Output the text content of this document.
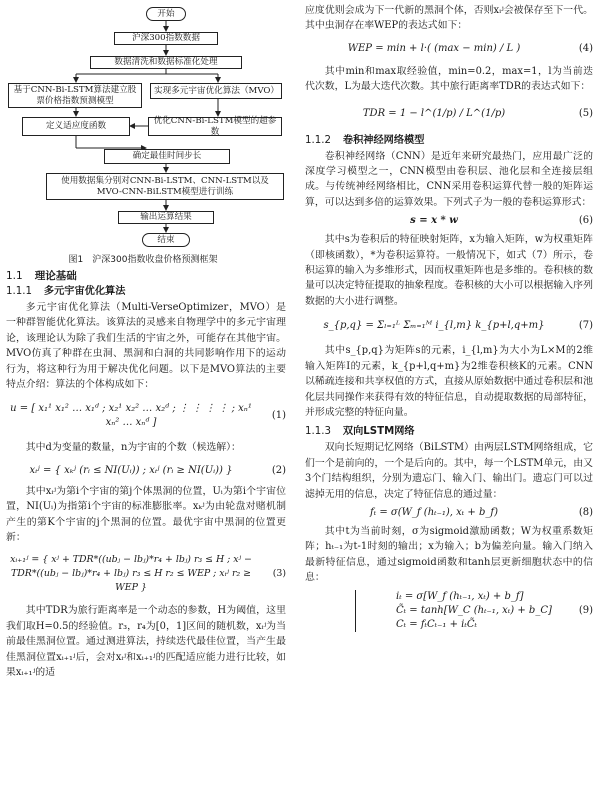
开始
沪深300指数数据
数据清洗和数据标准化处理
基于CNN-Bi-LSTM算法建立股票价格指数预测模型
实现多元宇宙优化算法（MVO）
定义适应度函数
优化CNN-Bi-LSTM模型的超参数
确定最佳时间步长
使用数据集分别对CNN-Bi-LSTM、CNN-LSTM以及MVO-CNN-BiLSTM模型进行训练
输出运算结果
结束
图1　沪深300指数收盘价格预测框架
1.1 理论基础
1.1.1 多元宇宙优化算法

多元宇宙优化算法（Multi-VerseOptimizer，MVO）是一种群智能优化算法。该算法的灵感来自物理学中的多元宇宙理论，该理论认为除了我们生活的宇宙之外，可能存在其他宇宙。MVO仿真了种群在虫洞、黑洞和白洞的共同影响作用下的运动行为，将这种行为用于解决优化问题。以下是MVO算法的主要特点介绍：算法的个体构成如下：

u = [ x₁¹ x₁² … x₁ᵈ ; x₂¹ x₂² … x₂ᵈ ; ⋮ ⋮ ⋮ ⋮ ; xₙ¹ xₙ² … xₙᵈ ]
(1)

其中d为变量的数量，n为宇宙的个数（候选解）：

xᵢʲ = { xₖʲ (rᵢ ≤ NI(Uᵢ)) ; xᵢʲ (rᵢ ≥ NI(Uᵢ)) }	(2)

其中xᵢʲ为第i个宇宙的第j个体黑洞的位置，Uᵢ为第i个宇宙位置，NI(Uᵢ)为指第i个宇宙的标准膨胀率。xₖʲ为由轮盘对赌机制产生的第K个宇宙的j个黑洞的位置。最优宇宙中黑洞的位置更新：

xᵢ₊₁ʲ = { xʲ + TDR*((ubⱼ − lbⱼ)*r₄ + lbⱼ) r₃ ≤ H ; xʲ − TDR*((ubⱼ − lbⱼ)*r₄ + lbⱼ) r₃ ≤ H r₂ ≤ WEP ; xᵢʲ r₂ ≥ WEP }
(3)

其中TDR为旅行距离率是一个动态的参数，H为阈值，这里我们取H=0.5的经验值。r₃，r₄为[0，1]区间的随机数，xᵢʲ为当前最佳黑洞位置。通过测进算法，持续迭代最佳位置，当产生最佳黑洞位置xᵢ₊₁ʲ后，会对xᵢʲ和xᵢ₊₁ʲ的匹配适应能力进行比较，如果xᵢ₊₁ʲ的适

应度优则会成为下一代新的黑洞个体，否则xᵢʲ会被保存至下一代。其中虫洞存在率WEP的表达式如下：

WEP = min + l·( (max − min) / L )	(4)

其中min和max取经验值，min=0.2，max=1，l为当前迭代次数，L为最大迭代次数。其中旅行距离率TDR的表达式如下：

TDR = 1 − l^(1/p) / L^(1/p)	(5)
1.1.2 卷积神经网络模型

卷积神经网络（CNN）是近年来研究最热门，应用最广泛的深度学习模型之一，CNN模型由卷积层、池化层和全连接层组成。与传统神经网络相比，CNN采用卷积运算代替一般的矩阵运算，可以达到多倍的运算效果。下列式子为一般的卷积运算形式：

s = x * w	(6)

其中s为卷积后的特征映射矩阵，x为输入矩阵，w为权重矩阵（即核函数），*为卷积运算符。一般情况下，如式（7）所示，卷积运算的输入为多维形式，因而权重矩阵也是多维的。卷积核的数量可以决定特征提取的抽象程度。卷积核的大小可以根据输入序列数据的大小进行调整。

s_{p,q} = Σₗ₌₁ᴸ Σₘ₌₁ᴹ i_{l,m} k_{p+l,q+m}	(7)

其中s_{p,q}为矩阵s的元素，i_{l,m}为大小为L×M的2维输入矩阵I的元素，k_{p+l,q+m}为2维卷积核K的元素。CNN以稀疏连接和共享权值的方式，直接从原始数据中通过卷积层和池化层共同操作来获得有效的特征信息，自动提取数据的局部特征，并形成完整的特征向量。

1.1.3 双向LSTM网络

双向长短期记忆网络（BiLSTM）由两层LSTM网络组成，它们一个是前向的，一个是后向的。其中，每一个LSTM单元，由又3个门结构组织，分别为遗忘门、输入门、输出门。遗忘门可以过滤掉无用的信息，决定了特征信息的通过量：

fₜ = σ(W_f (hₜ₋₁), xₜ + b_f)	(8)

其中t为当前时刻，σ为sigmoid激励函数；W为权重系数矩阵；hₜ₋₁为t-1时刻的输出；x为输入；b为偏差向量。输入门纳入最新特征信息，通过sigmoid函数和tanh层更新细胞状态中的信息：

iₜ = σ[W_f (hₜ₋₁, xₜ) + b_f]
C̃ₜ = tanh[W_C (hₜ₋₁, xₜ) + b_C]
Cₜ = fₜCₜ₋₁ + iₜC̃ₜ
(9)
